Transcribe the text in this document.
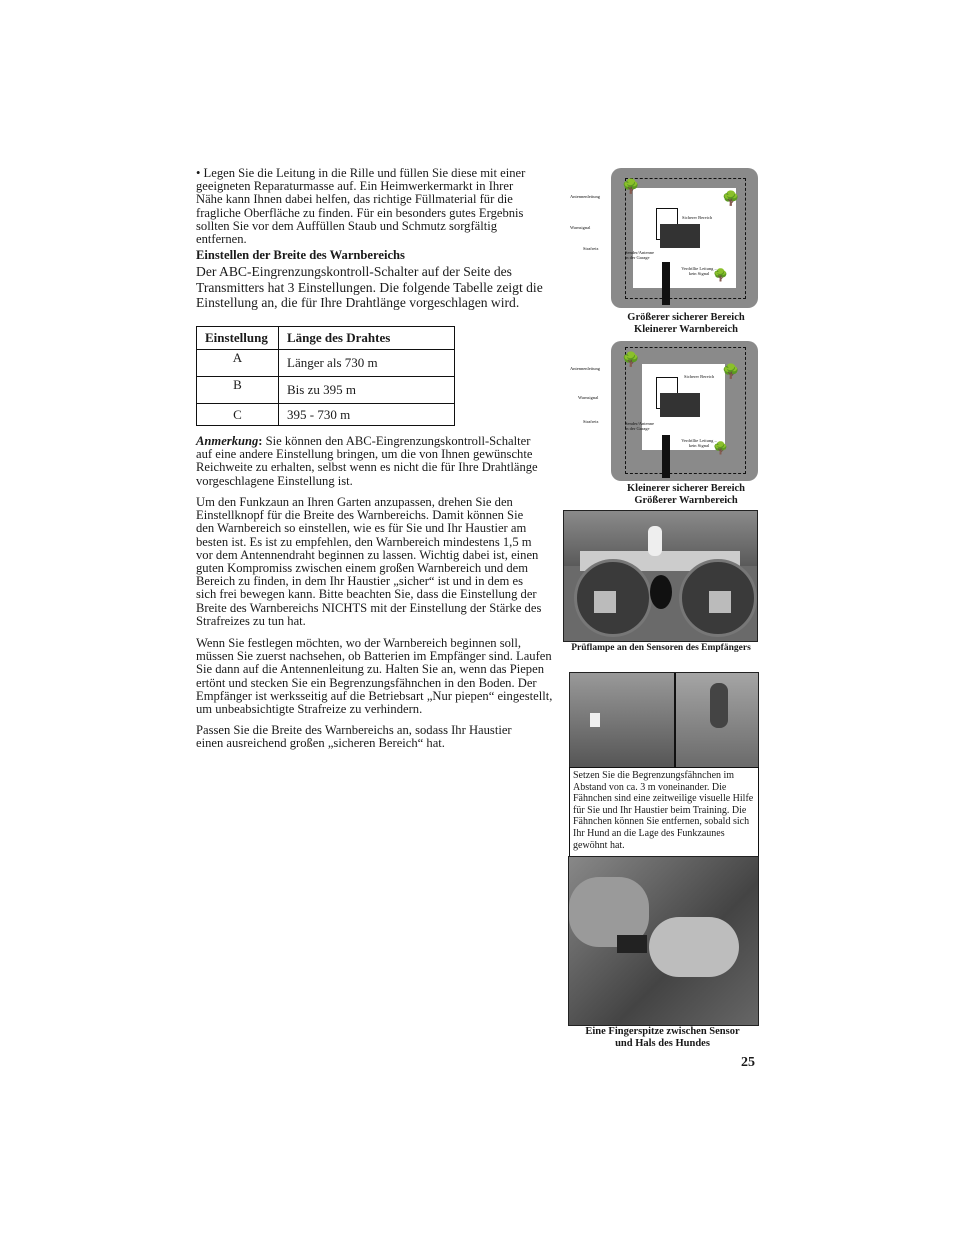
• Legen Sie die Leitung in die Rille und füllen Sie diese mit einer geeigneten Reparaturmasse auf. Ein Heimwerkermarkt in Ihrer Nähe kann Ihnen dabei helfen, das richtige Füllmaterial für die fragliche Oberfläche zu finden. Für ein besonders gutes Ergebnis sollten Sie vor dem Auffüllen Staub und Schmutz sorgfältig entfernen.
Einstellen der Breite des Warnbereichs
Der ABC-Eingrenzungskontroll-Schalter auf der Seite des Transmitters hat 3 Einstellungen. Die folgende Tabelle zeigt die Einstellung an, die für Ihre Drahtlänge vorgeschlagen wird.
Einstellung	Länge des Drahtes
A	Länger als 730 m
B	Bis zu 395 m
C	395 - 730 m
Anmerkung: Sie können den ABC-Eingrenzungskontroll-Schalter auf eine andere Einstellung bringen, um die von Ihnen gewünschte Reichweite zu erhalten, selbst wenn es nicht die für Ihre Drahtlänge vorgeschlagene Einstellung ist.
Um den Funkzaun an Ihren Garten anzupassen, drehen Sie den Einstellknopf für die Breite des Warnbereichs. Damit können Sie den Warnbereich so einstellen, wie es für Sie und Ihr Haustier am besten ist. Es ist zu empfehlen, den Warnbereich mindestens 1,5 m vor dem Antennendraht beginnen zu lassen. Wichtig dabei ist, einen guten Kompromiss zwischen einem großen Warnbereich und dem Bereich zu finden, in dem Ihr Haustier „sicher“ ist und in dem es sich frei bewegen kann. Bitte beachten Sie, dass die Einstellung der Breite des Warnbereichs NICHTS mit der Einstellung der Stärke des Strafreizes zu tun hat.
Wenn Sie festlegen möchten, wo der Warnbereich beginnen soll, müssen Sie zuerst nachsehen, ob Batterien im Empfänger sind. Laufen Sie dann auf die Antennenleitung zu. Halten Sie an, wenn das Piepen ertönt und stecken Sie ein Begrenzungsfähnchen in den Boden. Der Empfänger ist werksseitig auf die Betriebsart „Nur piepen“ eingestellt, um unbeabsichtigte Strafreize zu verhindern.
Passen Sie die Breite des Warnbereichs an, sodass Ihr Haustier einen ausreichend großen „sicheren Bereich“ hat.
🌳
🌳
🌳
Antennenleitung
Warnsignal
Strafreiz
Sicherer Bereich
Sender/Antenne in der Garage
Verdrillte Leitung – kein Signal
Größerer sicherer Bereich
Kleinerer Warnbereich
🌳
🌳
🌳
Antennenleitung
Warnsignal
Strafreiz
Sicherer Bereich
Sender/Antenne in der Garage
Verdrillte Leitung – kein Signal
Kleinerer sicherer Bereich
Größerer Warnbereich
Prüflampe an den Sensoren des Empfängers
Setzen Sie die Begrenzungsfähnchen im Abstand von ca. 3 m voneinander. Die Fähnchen sind eine zeitweilige visuelle Hilfe für Sie und Ihr Haustier beim Training. Die Fähnchen können Sie entfernen, sobald sich Ihr Hund an die Lage des Funkzaunes gewöhnt hat.
Eine Fingerspitze zwischen Sensor
und Hals des Hundes
25
